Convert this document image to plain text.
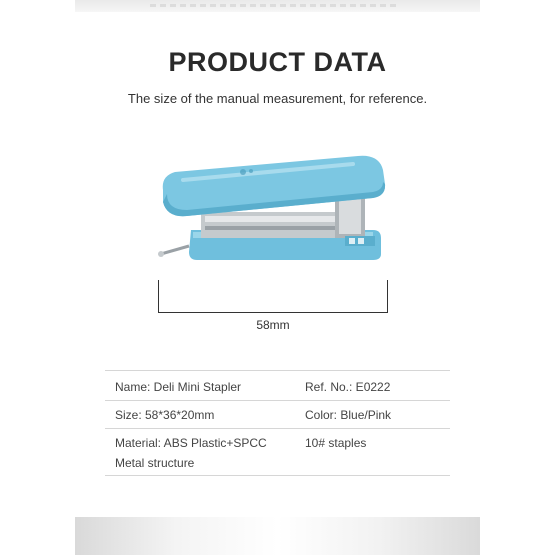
PRODUCT DATA
The size of the manual measurement, for reference.
58mm
Name: Deli Mini Stapler	Ref. No.: E0222
Size: 58*36*20mm	Color: Blue/Pink
Material: ABS Plastic+SPCC Metal structure	10# staples
